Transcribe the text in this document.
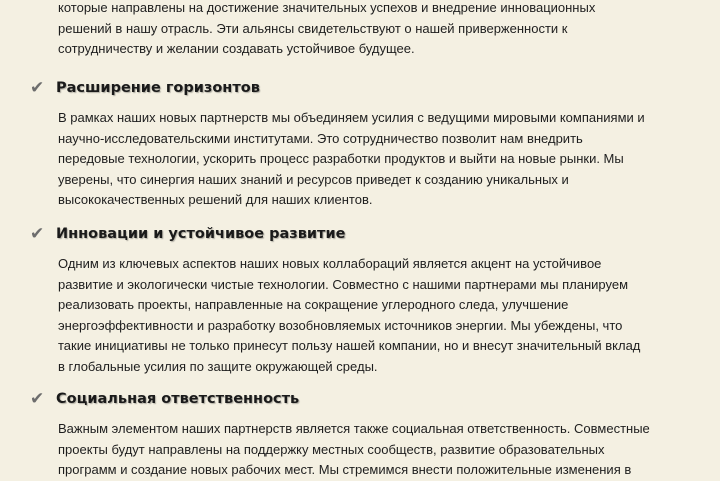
которые направлены на достижение значительных успехов и внедрение инновационных
решений в нашу отрасль. Эти альянсы свидетельствуют о нашей приверженности к
сотрудничеству и желании создавать устойчивое будущее.
✔ Расширение горизонтов
В рамках наших новых партнерств мы объединяем усилия с ведущими мировыми компаниями и
научно-исследовательскими институтами. Это сотрудничество позволит нам внедрить
передовые технологии, ускорить процесс разработки продуктов и выйти на новые рынки. Мы
уверены, что синергия наших знаний и ресурсов приведет к созданию уникальных и
высококачественных решений для наших клиентов.
✔ Инновации и устойчивое развитие
Одним из ключевых аспектов наших новых коллабораций является акцент на устойчивое
развитие и экологически чистые технологии. Совместно с нашими партнерами мы планируем
реализовать проекты, направленные на сокращение углеродного следа, улучшение
энергоэффективности и разработку возобновляемых источников энергии. Мы убеждены, что
такие инициативы не только принесут пользу нашей компании, но и внесут значительный вклад
в глобальные усилия по защите окружающей среды.
✔ Социальная ответственность
Важным элементом наших партнерств является также социальная ответственность. Совместные
проекты будут направлены на поддержку местных сообществ, развитие образовательных
программ и создание новых рабочих мест. Мы стремимся внести положительные изменения в
